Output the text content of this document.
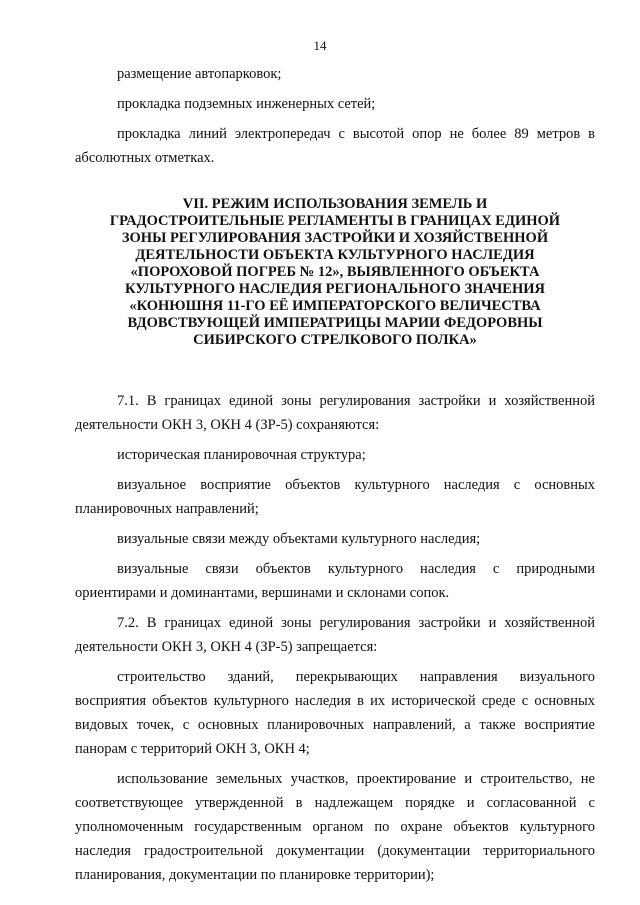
14

размещение автопарковок;

прокладка подземных инженерных сетей;

прокладка линий электропередач с высотой опор не более 89 метров в абсолютных отметках.

VII. РЕЖИМ ИСПОЛЬЗОВАНИЯ ЗЕМЕЛЬ И ГРАДОСТРОИТЕЛЬНЫЕ РЕГЛАМЕНТЫ В ГРАНИЦАХ ЕДИНОЙ ЗОНЫ РЕГУЛИРОВАНИЯ ЗАСТРОЙКИ И ХОЗЯЙСТВЕННОЙ ДЕЯТЕЛЬНОСТИ ОБЪЕКТА КУЛЬТУРНОГО НАСЛЕДИЯ «ПОРОХОВОЙ ПОГРЕБ № 12», ВЫЯВЛЕННОГО ОБЪЕКТА КУЛЬТУРНОГО НАСЛЕДИЯ РЕГИОНАЛЬНОГО ЗНАЧЕНИЯ «КОНЮШНЯ 11-ГО ЕЁ ИМПЕРАТОРСКОГО ВЕЛИЧЕСТВА ВДОВСТВУЮЩЕЙ ИМПЕРАТРИЦЫ МАРИИ ФЕДОРОВНЫ СИБИРСКОГО СТРЕЛКОВОГО ПОЛКА»

7.1. В границах единой зоны регулирования застройки и хозяйственной деятельности ОКН 3, ОКН 4 (ЗР-5) сохраняются:

историческая планировочная структура;

визуальное восприятие объектов культурного наследия с основных планировочных направлений;

визуальные связи между объектами культурного наследия;

визуальные связи объектов культурного наследия с природными ориентирами и доминантами, вершинами и склонами сопок.

7.2. В границах единой зоны регулирования застройки и хозяйственной деятельности ОКН 3, ОКН 4 (ЗР-5) запрещается:

строительство зданий, перекрывающих направления визуального восприятия объектов культурного наследия в их исторической среде с основных видовых точек, с основных планировочных направлений, а также восприятие панорам с территорий ОКН 3, ОКН 4;

использование земельных участков, проектирование и строительство, не соответствующее утвержденной в надлежащем порядке и согласованной с уполномоченным государственным органом по охране объектов культурного наследия градостроительной документации (документации территориального планирования, документации по планировке территории);
